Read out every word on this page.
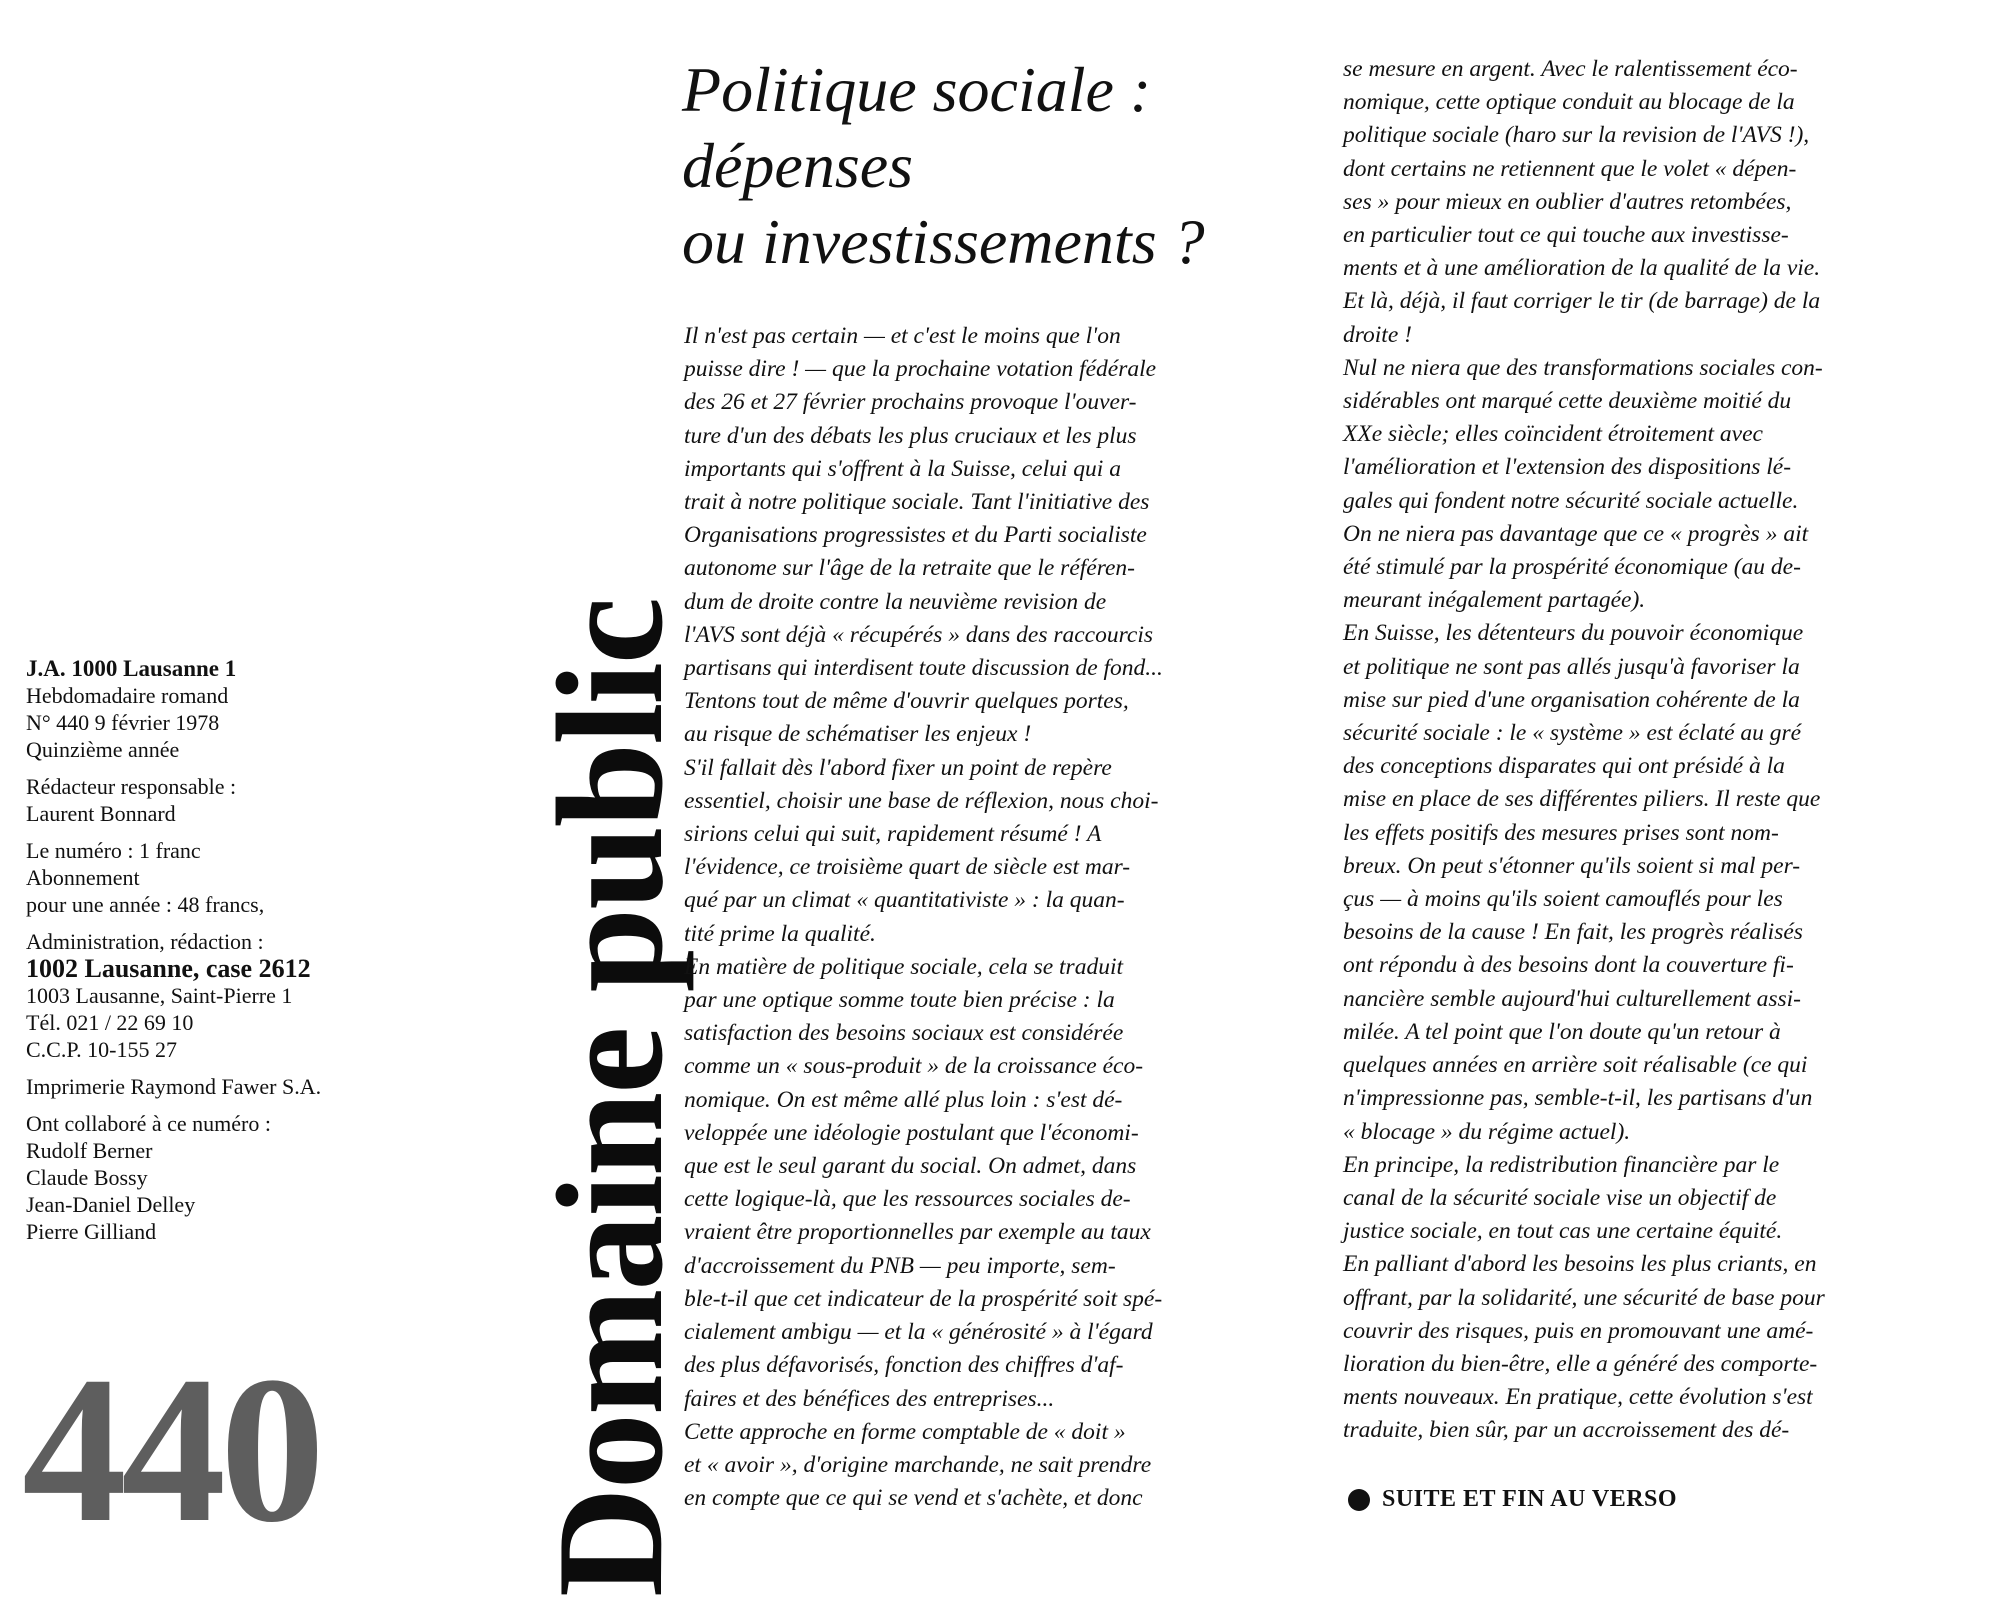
J.A. 1000 Lausanne 1
Hebdomadaire romand
N° 440 9 février 1978
Quinzième année
Rédacteur responsable :
Laurent Bonnard
Le numéro : 1 franc
Abonnement
pour une année : 48 francs,
Administration, rédaction :
1002 Lausanne, case 2612
1003 Lausanne, Saint-Pierre 1
Tél. 021 / 22 69 10
C.C.P. 10-155 27
Imprimerie Raymond Fawer S.A.
Ont collaboré à ce numéro :
Rudolf Berner
Claude Bossy
Jean-Daniel Delley
Pierre Gilliand
440 Domaine public
Politique sociale :
dépenses
ou investissements ?
Il n'est pas certain — et c'est le moins que l'on
puisse dire ! — que la prochaine votation fédérale
des 26 et 27 février prochains provoque l'ouver-
ture d'un des débats les plus cruciaux et les plus
importants qui s'offrent à la Suisse, celui qui a
trait à notre politique sociale. Tant l'initiative des
Organisations progressistes et du Parti socialiste
autonome sur l'âge de la retraite que le référen-
dum de droite contre la neuvième revision de
l'AVS sont déjà « récupérés » dans des raccourcis
partisans qui interdisent toute discussion de fond...
Tentons tout de même d'ouvrir quelques portes,
au risque de schématiser les enjeux !
S'il fallait dès l'abord fixer un point de repère
essentiel, choisir une base de réflexion, nous choi-
sirions celui qui suit, rapidement résumé ! A
l'évidence, ce troisième quart de siècle est mar-
qué par un climat « quantitativiste » : la quan-
tité prime la qualité.
En matière de politique sociale, cela se traduit
par une optique somme toute bien précise : la
satisfaction des besoins sociaux est considérée
comme un « sous-produit » de la croissance éco-
nomique. On est même allé plus loin : s'est dé-
veloppée une idéologie postulant que l'économi-
que est le seul garant du social. On admet, dans
cette logique-là, que les ressources sociales de-
vraient être proportionnelles par exemple au taux
d'accroissement du PNB — peu importe, sem-
ble-t-il que cet indicateur de la prospérité soit spé-
cialement ambigu — et la « générosité » à l'égard
des plus défavorisés, fonction des chiffres d'af-
faires et des bénéfices des entreprises...
Cette approche en forme comptable de « doit »
et « avoir », d'origine marchande, ne sait prendre
en compte que ce qui se vend et s'achète, et donc
se mesure en argent. Avec le ralentissement éco-
nomique, cette optique conduit au blocage de la
politique sociale (haro sur la revision de l'AVS !),
dont certains ne retiennent que le volet « dépen-
ses » pour mieux en oublier d'autres retombées,
en particulier tout ce qui touche aux investisse-
ments et à une amélioration de la qualité de la vie.
Et là, déjà, il faut corriger le tir (de barrage) de la
droite !
Nul ne niera que des transformations sociales con-
sidérables ont marqué cette deuxième moitié du
XXe siècle; elles coïncident étroitement avec
l'amélioration et l'extension des dispositions lé-
gales qui fondent notre sécurité sociale actuelle.
On ne niera pas davantage que ce « progrès » ait
été stimulé par la prospérité économique (au de-
meurant inégalement partagée).
En Suisse, les détenteurs du pouvoir économique
et politique ne sont pas allés jusqu'à favoriser la
mise sur pied d'une organisation cohérente de la
sécurité sociale : le « système » est éclaté au gré
des conceptions disparates qui ont présidé à la
mise en place de ses différentes piliers. Il reste que
les effets positifs des mesures prises sont nom-
breux. On peut s'étonner qu'ils soient si mal per-
çus — à moins qu'ils soient camouflés pour les
besoins de la cause ! En fait, les progrès réalisés
ont répondu à des besoins dont la couverture fi-
nancière semble aujourd'hui culturellement assi-
milée. A tel point que l'on doute qu'un retour à
quelques années en arrière soit réalisable (ce qui
n'impressionne pas, semble-t-il, les partisans d'un
« blocage » du régime actuel).
En principe, la redistribution financière par le
canal de la sécurité sociale vise un objectif de
justice sociale, en tout cas une certaine équité.
En palliant d'abord les besoins les plus criants, en
offrant, par la solidarité, une sécurité de base pour
couvrir des risques, puis en promouvant une amé-
lioration du bien-être, elle a généré des comporte-
ments nouveaux. En pratique, cette évolution s'est
traduite, bien sûr, par un accroissement des dé-
SUITE ET FIN AU VERSO
